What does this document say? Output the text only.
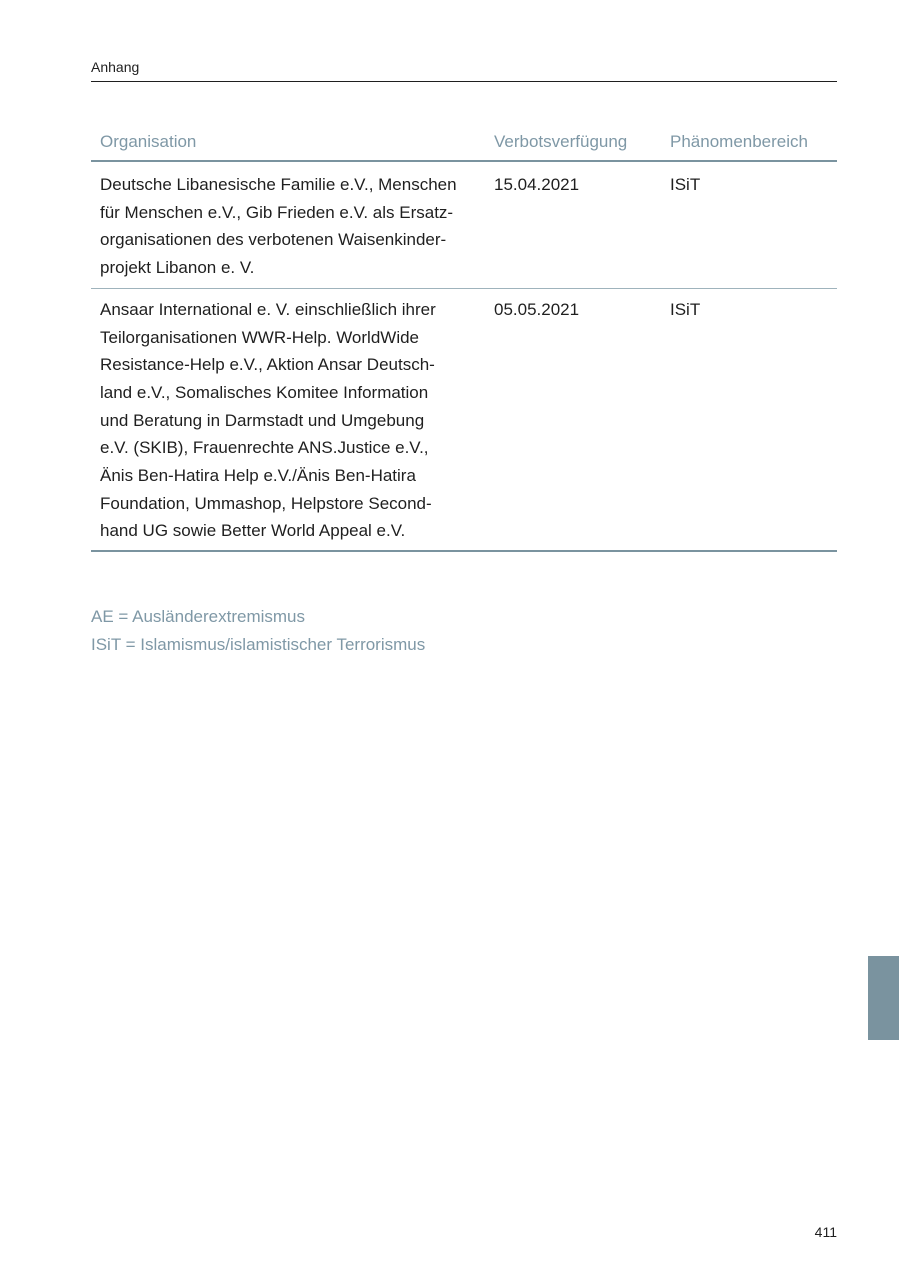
Anhang
Organisation	Verbotsverfügung	Phänomenbereich
Deutsche Libanesische Familie e.V., Menschen
für Menschen e.V., Gib Frieden e.V. als Ersatz-
organisationen des verbotenen Waisenkinder-
projekt Libanon e. V.
15.04.2021	ISiT
Ansaar International e. V. einschließlich ihrer
Teilorganisationen WWR-Help. WorldWide
Resistance-Help e.V., Aktion Ansar Deutsch-
land e.V., Somalisches Komitee Information
und Beratung in Darmstadt und Umgebung
e.V. (SKIB), Frauenrechte ANS.Justice e.V.,
Änis Ben-Hatira Help e.V./Änis Ben-Hatira
Foundation, Ummashop, Helpstore Second-
hand UG sowie Better World Appeal e.V.
05.05.2021	ISiT
AE = Ausländerextremismus
ISiT = Islamismus/islamistischer Terrorismus
411
